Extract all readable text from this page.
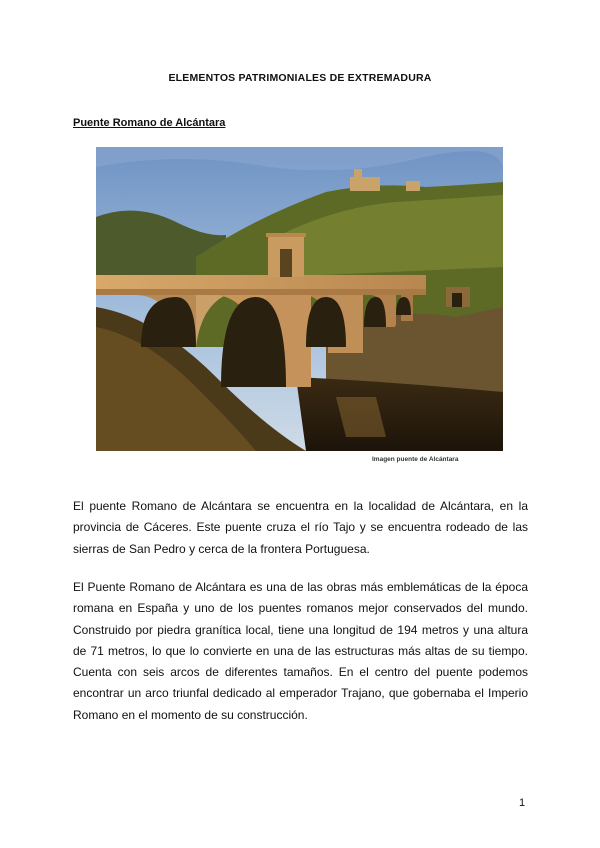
ELEMENTOS PATRIMONIALES DE EXTREMADURA
Puente Romano de Alcántara
Imagen puente de Alcántara

El puente Romano de Alcántara se encuentra en la localidad de Alcántara, en la provincia de Cáceres. Este puente cruza el río Tajo y se encuentra rodeado de las sierras de San Pedro y cerca de la frontera Portuguesa.

El Puente Romano de Alcántara es una de las obras más emblemáticas de la época romana en España y uno de los puentes romanos mejor conservados del mundo. Construido por piedra granítica local, tiene una longitud de 194 metros y una altura de 71 metros, lo que lo convierte en una de las estructuras más altas de su tiempo. Cuenta con seis arcos de diferentes tamaños. En el centro del puente podemos encontrar un arco triunfal dedicado al emperador Trajano, que gobernaba el Imperio Romano en el momento de su construcción.

1
